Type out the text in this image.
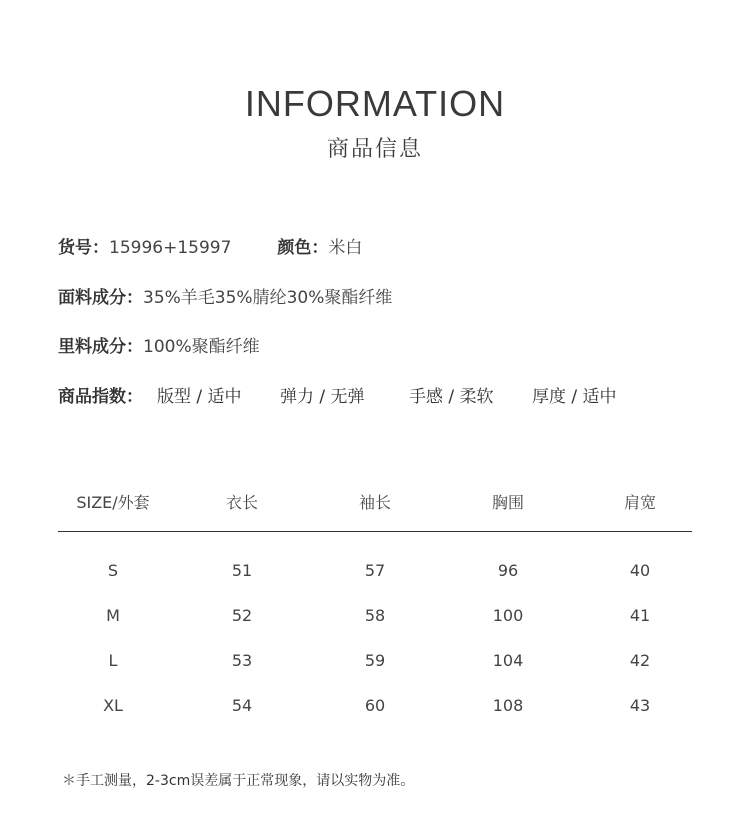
INFORMATION
商品信息
货号：15996+15997	颜色：米白
面料成分：35%羊毛35%腈纶30%聚酯纤维
里料成分：100%聚酯纤维
商品指数： 版型 / 适中 弹力 / 无弹	手感 / 柔软 厚度 / 适中
SIZE/外套	衣长	袖长	胸围	肩宽
S	51	57	96	40
M	52	58	100	41
L	53	59	104	42
XL	54	60	108	43
＊手工测量，2-3cm误差属于正常现象，请以实物为准。
